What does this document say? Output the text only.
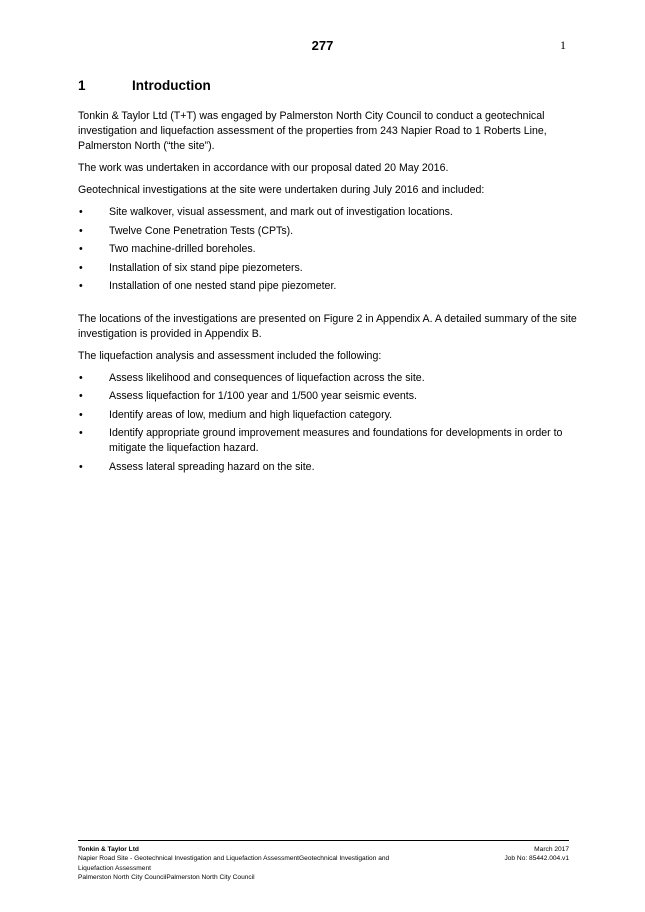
277	1
1	Introduction

Tonkin & Taylor Ltd (T+T) was engaged by Palmerston North City Council to conduct a geotechnical investigation and liquefaction assessment of the properties from 243 Napier Road to 1 Roberts Line, Palmerston North (“the site”).

The work was undertaken in accordance with our proposal dated 20 May 2016.

Geotechnical investigations at the site were undertaken during July 2016 and included:

• Site walkover, visual assessment, and mark out of investigation locations.
• Twelve Cone Penetration Tests (CPTs).
• Two machine-drilled boreholes.
• Installation of six stand pipe piezometers.
• Installation of one nested stand pipe piezometer.

The locations of the investigations are presented on Figure 2 in Appendix A. A detailed summary of the site investigation is provided in Appendix B.

The liquefaction analysis and assessment included the following:

• Assess likelihood and consequences of liquefaction across the site.
• Assess liquefaction for 1/100 year and 1/500 year seismic events.
• Identify areas of low, medium and high liquefaction category.
• Identify appropriate ground improvement measures and foundations for developments in order to mitigate the liquefaction hazard.
• Assess lateral spreading hazard on the site.
Tonkin & Taylor Ltd
Napier Road Site - Geotechnical Investigation and Liquefaction AssessmentGeotechnical Investigation and
Liquefaction Assessment
Palmerston North City CouncilPalmerston North City Council
March 2017
Job No: 85442.004.v1
